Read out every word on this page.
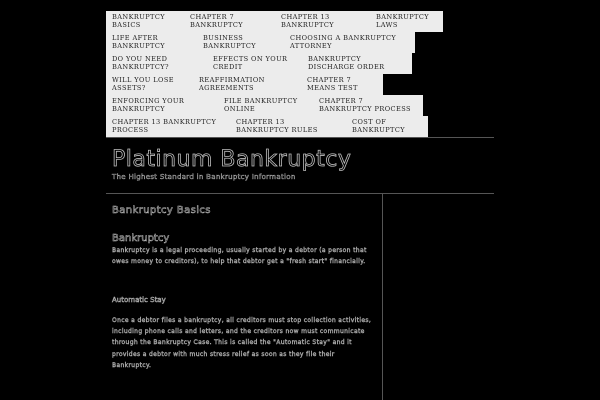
BANKRUPTCY BASICS
CHAPTER 7 BANKRUPTCY
CHAPTER 13 BANKRUPTCY
BANKRUPTCY LAWS
LIFE AFTER BANKRUPTCY
BUSINESS BANKRUPTCY
CHOOSING A BANKRUPTCY ATTORNEY
DO YOU NEED BANKRUPTCY?
EFFECTS ON YOUR CREDIT
BANKRUPTCY DISCHARGE ORDER
WILL YOU LOSE ASSETS?
REAFFIRMATION AGREEMENTS
CHAPTER 7 MEANS TEST
ENFORCING YOUR BANKRUPTCY
FILE BANKRUPTCY ONLINE
CHAPTER 7 BANKRUPTCY PROCESS
CHAPTER 13 BANKRUPTCY PROCESS
CHAPTER 13 BANKRUPTCY RULES
COST OF BANKRUPTCY
Platinum Bankruptcy
The Highest Standard in Bankruptcy Information
Bankruptcy Basics
Bankruptcy
Bankruptcy is a legal proceeding, usually started by a debtor (a person that owes money to creditors), to help that debtor get a "fresh start" financially.
Automatic Stay
Once a debtor files a bankruptcy, all creditors must stop collection activities, including phone calls and letters, and the creditors now must communicate through the Bankruptcy Case. This is called the "Automatic Stay" and it provides a debtor with much stress relief as soon as they file their Bankruptcy.
